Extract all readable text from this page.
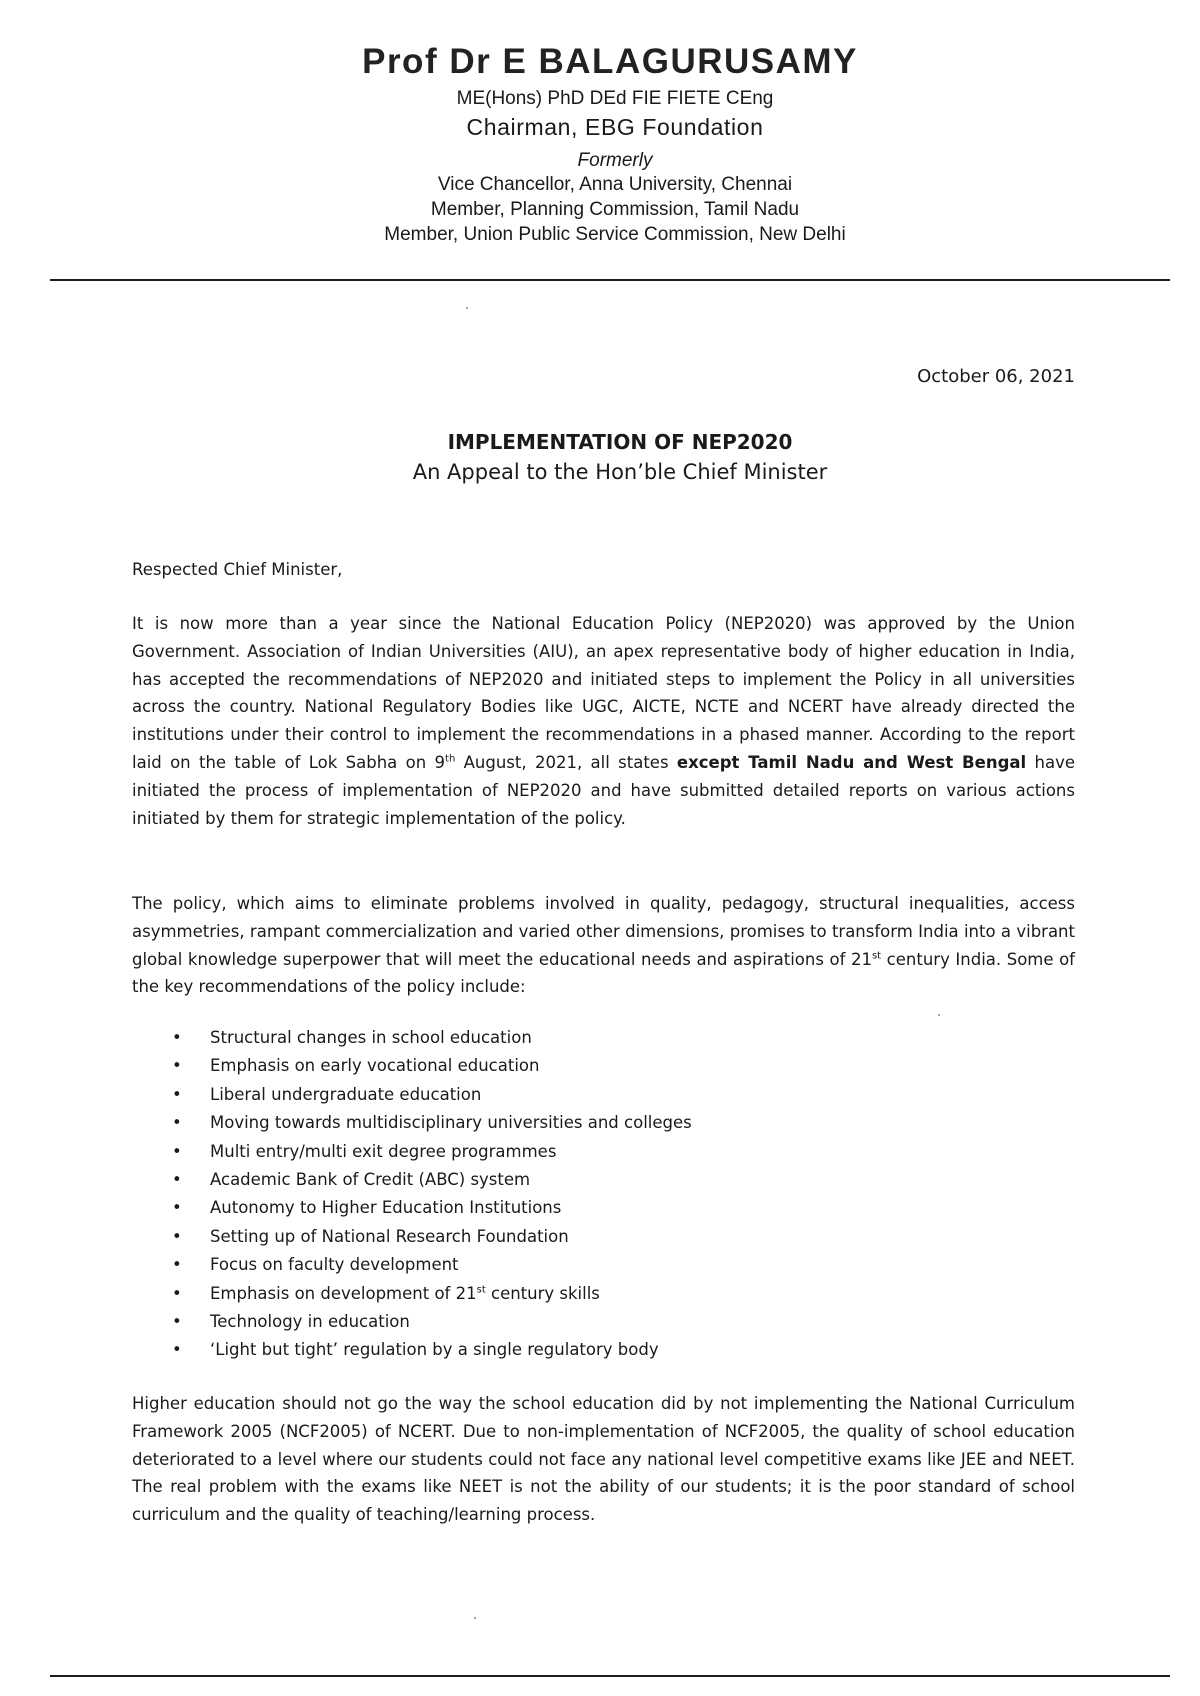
Prof Dr E BALAGURUSAMY
ME(Hons) PhD DEd FIE FIETE CEng
Chairman, EBG Foundation
Formerly
Vice Chancellor, Anna University, Chennai
Member, Planning Commission, Tamil Nadu
Member, Union Public Service Commission, New Delhi
October 06, 2021
IMPLEMENTATION OF NEP2020
An Appeal to the Hon’ble Chief Minister
Respected Chief Minister,

It is now more than a year since the National Education Policy (NEP2020) was approved by the Union Government. Association of Indian Universities (AIU), an apex representative body of higher education in India, has accepted the recommendations of NEP2020 and initiated steps to implement the Policy in all universities across the country. National Regulatory Bodies like UGC, AICTE, NCTE and NCERT have already directed the institutions under their control to implement the recommendations in a phased manner. According to the report laid on the table of Lok Sabha on 9th August, 2021, all states except Tamil Nadu and West Bengal have initiated the process of implementation of NEP2020 and have submitted detailed reports on various actions initiated by them for strategic implementation of the policy.

The policy, which aims to eliminate problems involved in quality, pedagogy, structural inequalities, access asymmetries, rampant commercialization and varied other dimensions, promises to transform India into a vibrant global knowledge superpower that will meet the educational needs and aspirations of 21st century India. Some of the key recommendations of the policy include:

• Structural changes in school education
• Emphasis on early vocational education
• Liberal undergraduate education
• Moving towards multidisciplinary universities and colleges
• Multi entry/multi exit degree programmes
• Academic Bank of Credit (ABC) system
• Autonomy to Higher Education Institutions
• Setting up of National Research Foundation
• Focus on faculty development
• Emphasis on development of 21st century skills
• Technology in education
• ‘Light but tight’ regulation by a single regulatory body

Higher education should not go the way the school education did by not implementing the National Curriculum Framework 2005 (NCF2005) of NCERT. Due to non-implementation of NCF2005, the quality of school education deteriorated to a level where our students could not face any national level competitive exams like JEE and NEET. The real problem with the exams like NEET is not the ability of our students; it is the poor standard of school curriculum and the quality of teaching/learning process.
